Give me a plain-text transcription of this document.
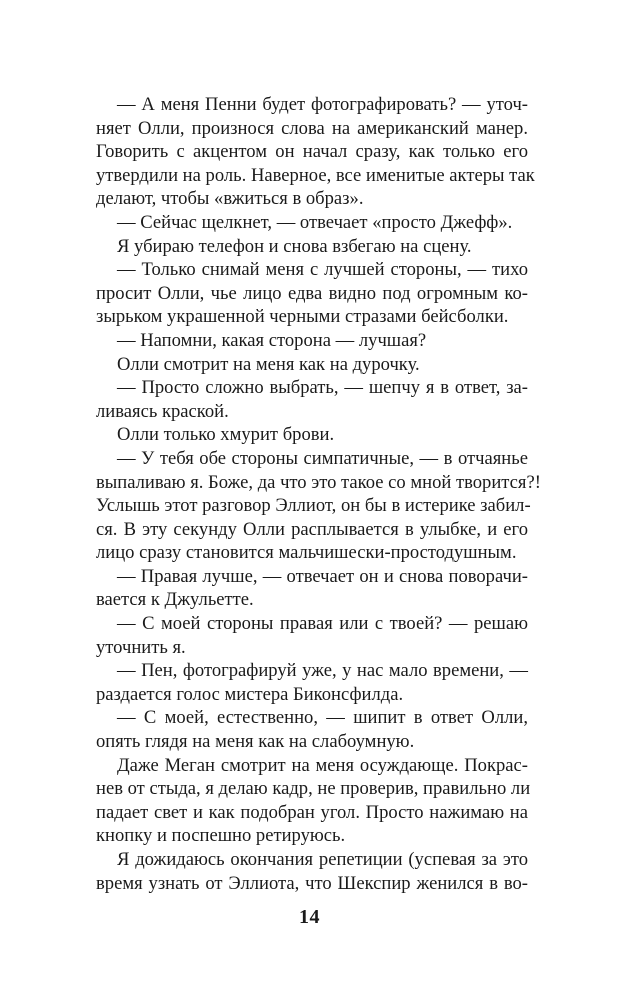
— А меня Пенни будет фотографировать? — уточ-
няет Олли, произнося слова на американский манер.
Говорить с акцентом он начал сразу, как только его
утвердили на роль. Наверное, все именитые актеры так
делают, чтобы «вжиться в образ».
— Сейчас щелкнет, — отвечает «просто Джефф».
Я убираю телефон и снова взбегаю на сцену.
— Только снимай меня с лучшей стороны, — тихо
просит Олли, чье лицо едва видно под огромным ко-
зырьком украшенной черными стразами бейсболки.
— Напомни, какая сторона — лучшая?
Олли смотрит на меня как на дурочку.
— Просто сложно выбрать, — шепчу я в ответ, за-
ливаясь краской.
Олли только хмурит брови.
— У тебя обе стороны симпатичные, — в отчаянье
выпаливаю я. Боже, да что это такое со мной творится?!
Услышь этот разговор Эллиот, он бы в истерике забил-
ся. В эту секунду Олли расплывается в улыбке, и его
лицо сразу становится мальчишески-простодушным.
— Правая лучше, — отвечает он и снова поворачи-
вается к Джульетте.
— С моей стороны правая или с твоей? — решаю
уточнить я.
— Пен, фотографируй уже, у нас мало времени, —
раздается голос мистера Биконсфилда.
— С моей, естественно, — шипит в ответ Олли,
опять глядя на меня как на слабоумную.
Даже Меган смотрит на меня осуждающе. Покрас-
нев от стыда, я делаю кадр, не проверив, правильно ли
падает свет и как подобран угол. Просто нажимаю на
кнопку и поспешно ретируюсь.
Я дожидаюсь окончания репетиции (успевая за это
время узнать от Эллиота, что Шекспир женился в во-
14
